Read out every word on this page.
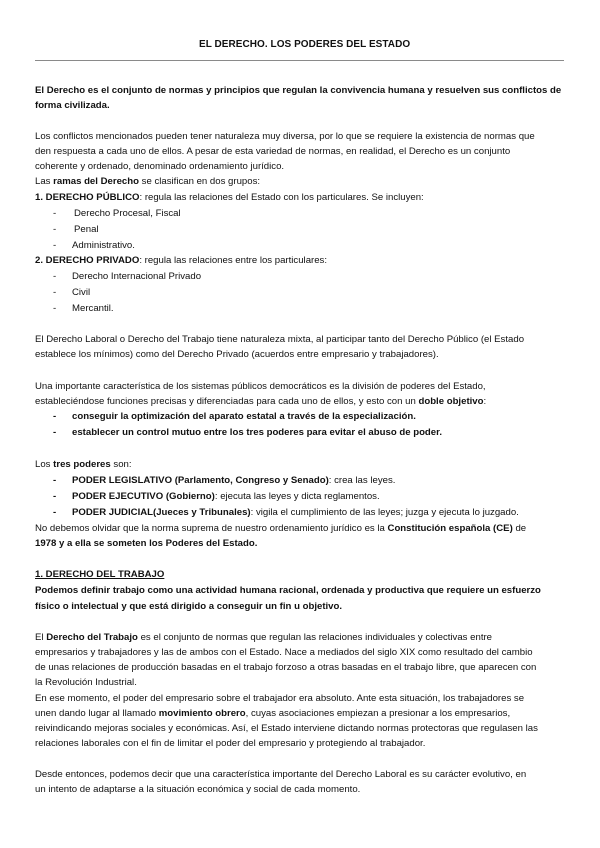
EL DERECHO. LOS PODERES DEL ESTADO
El Derecho es el conjunto de normas y principios que regulan la convivencia humana y resuelven sus conflictos de
forma civilizada.
Los conflictos mencionados pueden tener naturaleza muy diversa, por lo que se requiere la existencia de normas que
den respuesta a cada uno de ellos. A pesar de esta variedad de normas, en realidad, el Derecho es un conjunto
coherente y ordenado, denominado ordenamiento jurídico.
Las ramas del Derecho se clasifican en dos grupos:
1. DERECHO PÚBLICO: regula las relaciones del Estado con los particulares. Se incluyen:
- Derecho Procesal, Fiscal
- Penal
- Administrativo.
2. DERECHO PRIVADO: regula las relaciones entre los particulares:
- Derecho Internacional Privado
- Civil
- Mercantil.
El Derecho Laboral o Derecho del Trabajo tiene naturaleza mixta, al participar tanto del Derecho Público (el Estado
establece los mínimos) como del Derecho Privado (acuerdos entre empresario y trabajadores).
Una importante característica de los sistemas públicos democráticos es la división de poderes del Estado,
estableciéndose funciones precisas y diferenciadas para cada uno de ellos, y esto con un doble objetivo:
- conseguir la optimización del aparato estatal a través de la especialización.
- establecer un control mutuo entre los tres poderes para evitar el abuso de poder.
Los tres poderes son:
- PODER LEGISLATIVO (Parlamento, Congreso y Senado): crea las leyes.
- PODER EJECUTIVO (Gobierno): ejecuta las leyes y dicta reglamentos.
- PODER JUDICIAL(Jueces y Tribunales): vigila el cumplimiento de las leyes; juzga y ejecuta lo juzgado.
No debemos olvidar que la norma suprema de nuestro ordenamiento jurídico es la Constitución española (CE) de
1978 y a ella se someten los Poderes del Estado.
1. DERECHO DEL TRABAJO
Podemos definir trabajo como una actividad humana racional, ordenada y productiva que requiere un esfuerzo
físico o intelectual y que está dirigido a conseguir un fin u objetivo.
El Derecho del Trabajo es el conjunto de normas que regulan las relaciones individuales y colectivas entre
empresarios y trabajadores y las de ambos con el Estado. Nace a mediados del siglo XIX como resultado del cambio
de unas relaciones de producción basadas en el trabajo forzoso a otras basadas en el trabajo libre, que aparecen con
la Revolución Industrial.
En ese momento, el poder del empresario sobre el trabajador era absoluto. Ante esta situación, los trabajadores se
unen dando lugar al llamado movimiento obrero, cuyas asociaciones empiezan a presionar a los empresarios,
reivindicando mejoras sociales y económicas. Así, el Estado interviene dictando normas protectoras que regulasen las
relaciones laborales con el fin de limitar el poder del empresario y protegiendo al trabajador.
Desde entonces, podemos decir que una característica importante del Derecho Laboral es su carácter evolutivo, en
un intento de adaptarse a la situación económica y social de cada momento.
